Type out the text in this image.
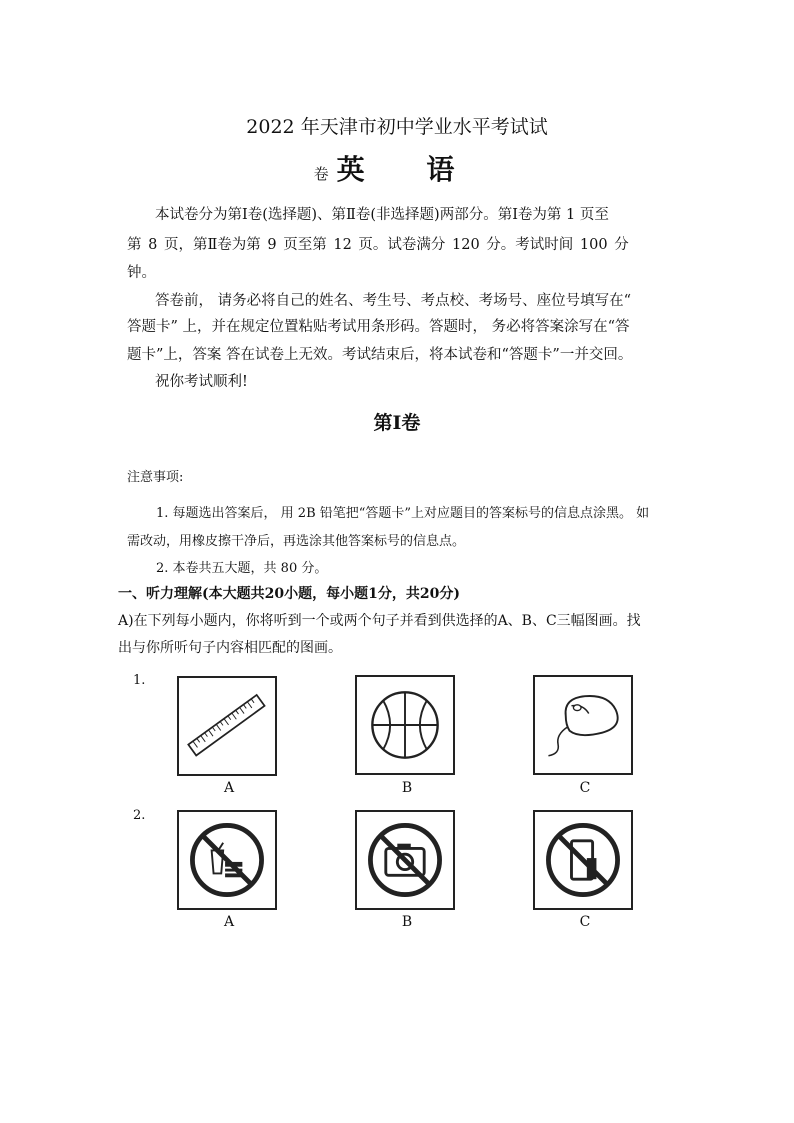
2022 年天津市初中学业水平考试试
卷 英 语
本试卷分为第Ⅰ卷(选择题)、第Ⅱ卷(非选择题)两部分。第Ⅰ卷为第 1 页至
第 8 页，第Ⅱ卷为第 9 页至第 12 页。试卷满分 120 分。考试时间 100 分
钟。
答卷前， 请务必将自己的姓名、考生号、考点校、考场号、座位号填写在“
答题卡” 上，并在规定位置粘贴考试用条形码。答题时， 务必将答案涂写在“答
题卡”上，答案 答在试卷上无效。考试结束后，将本试卷和“答题卡”一并交回。
祝你考试顺利!
第Ⅰ卷
注意事项:
1. 每题选出答案后， 用 2B 铅笔把“答题卡”上对应题目的答案标号的信息点涂黑。 如
需改动，用橡皮擦干净后，再选涂其他答案标号的信息点。
2. 本卷共五大题，共 80 分。
一、听力理解(本大题共20小题，每小题1分，共20分)
A)在下列每小题内，你将听到一个或两个句子并看到供选择的A、B、C三幅图画。找
出与你所听句子内容相匹配的图画。
1.
A	B	C
2.
A	B	C
